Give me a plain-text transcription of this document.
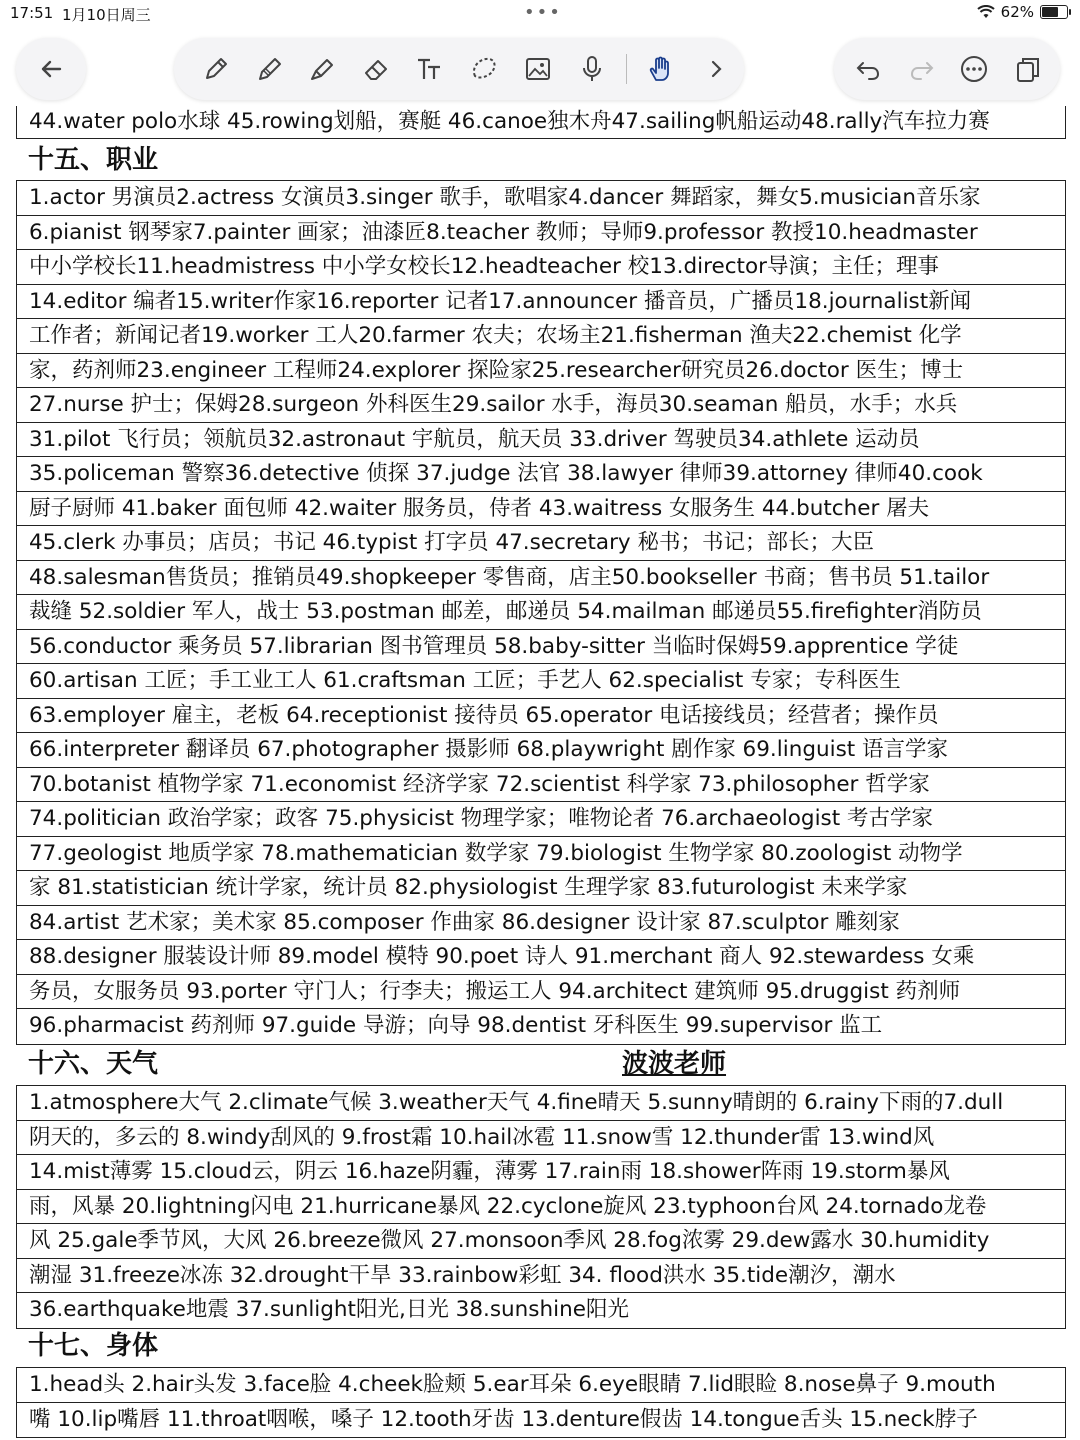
17:51 1月10日周三	•••	62%
44.water polo水球 45.rowing划船，赛艇 46.canoe独木舟47.sailing帆船运动48.rally汽车拉力赛
十五、职业
1.actor 男演员2.actress 女演员3.singer 歌手，歌唱家4.dancer 舞蹈家，舞女5.musician音乐家
6.pianist 钢琴家7.painter 画家；油漆匠8.teacher 教师；导师9.professor 教授10.headmaster
中小学校长11.headmistress 中小学女校长12.headteacher 校13.director导演；主任；理事
14.editor 编者15.writer作家16.reporter 记者17.announcer 播音员，广播员18.journalist新闻
工作者；新闻记者19.worker 工人20.farmer 农夫；农场主21.fisherman 渔夫22.chemist 化学
家，药剂师23.engineer 工程师24.explorer 探险家25.researcher研究员26.doctor 医生；博士
27.nurse 护士；保姆28.surgeon 外科医生29.sailor 水手，海员30.seaman 船员，水手；水兵
31.pilot 飞行员；领航员32.astronaut 宇航员，航天员 33.driver 驾驶员34.athlete 运动员
35.policeman 警察36.detective 侦探 37.judge 法官 38.lawyer 律师39.attorney 律师40.cook
厨子厨师 41.baker 面包师 42.waiter 服务员，侍者 43.waitress 女服务生 44.butcher 屠夫
45.clerk 办事员；店员；书记 46.typist 打字员 47.secretary 秘书；书记；部长；大臣
48.salesman售货员；推销员49.shopkeeper 零售商，店主50.bookseller 书商；售书员 51.tailor
裁缝 52.soldier 军人，战士 53.postman 邮差，邮递员 54.mailman 邮递员55.firefighter消防员
56.conductor 乘务员 57.librarian 图书管理员 58.baby-sitter 当临时保姆59.apprentice 学徒
60.artisan 工匠；手工业工人 61.craftsman 工匠；手艺人 62.specialist 专家；专科医生
63.employer 雇主，老板 64.receptionist 接待员 65.operator 电话接线员；经营者；操作员
66.interpreter 翻译员 67.photographer 摄影师 68.playwright 剧作家 69.linguist 语言学家
70.botanist 植物学家 71.economist 经济学家 72.scientist 科学家 73.philosopher 哲学家
74.politician 政治学家；政客 75.physicist 物理学家；唯物论者 76.archaeologist 考古学家
77.geologist 地质学家 78.mathematician 数学家 79.biologist 生物学家 80.zoologist 动物学
家 81.statistician 统计学家，统计员 82.physiologist 生理学家 83.futurologist 未来学家
84.artist 艺术家；美术家 85.composer 作曲家 86.designer 设计家 87.sculptor 雕刻家
88.designer 服装设计师 89.model 模特 90.poet 诗人 91.merchant 商人 92.stewardess 女乘
务员，女服务员 93.porter 守门人；行李夫；搬运工人 94.architect 建筑师 95.druggist 药剂师
96.pharmacist 药剂师 97.guide 导游；向导 98.dentist 牙科医生 99.supervisor 监工
十六、天气	波波老师
1.atmosphere大气 2.climate气候 3.weather天气 4.fine晴天 5.sunny晴朗的 6.rainy下雨的7.dull
阴天的，多云的 8.windy刮风的 9.frost霜 10.hail冰雹 11.snow雪 12.thunder雷 13.wind风
14.mist薄雾 15.cloud云，阴云 16.haze阴霾，薄雾 17.rain雨 18.shower阵雨 19.storm暴风
雨，风暴 20.lightning闪电 21.hurricane暴风 22.cyclone旋风 23.typhoon台风 24.tornado龙卷
风 25.gale季节风，大风 26.breeze微风 27.monsoon季风 28.fog浓雾 29.dew露水 30.humidity
潮湿 31.freeze冰冻 32.drought干旱 33.rainbow彩虹 34. flood洪水 35.tide潮汐，潮水
36.earthquake地震 37.sunlight阳光,日光 38.sunshine阳光
十七、身体
1.head头 2.hair头发 3.face脸 4.cheek脸颊 5.ear耳朵 6.eye眼睛 7.lid眼睑 8.nose鼻子 9.mouth
嘴 10.lip嘴唇 11.throat咽喉，嗓子 12.tooth牙齿 13.denture假齿 14.tongue舌头 15.neck脖子
